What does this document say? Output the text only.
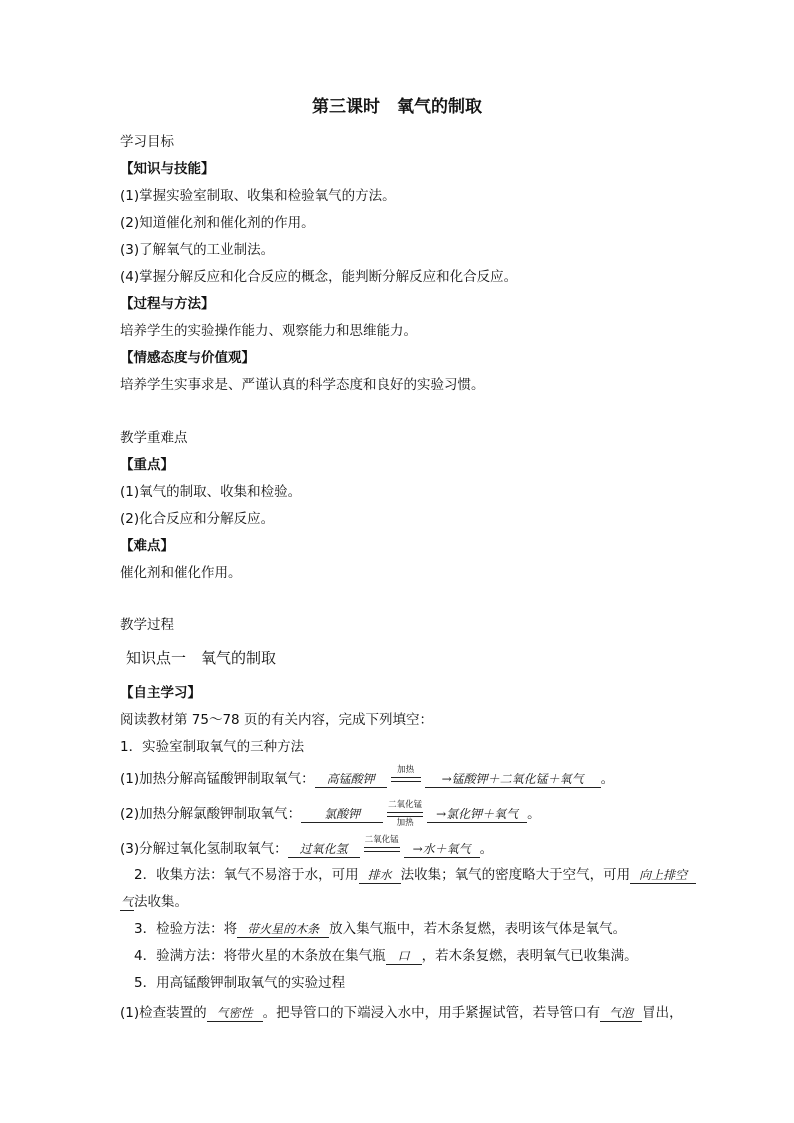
第三课时　氧气的制取
学习目标
【知识与技能】
(1)掌握实验室制取、收集和检验氧气的方法。
(2)知道催化剂和催化剂的作用。
(3)了解氧气的工业制法。
(4)掌握分解反应和化合反应的概念，能判断分解反应和化合反应。
【过程与方法】
培养学生的实验操作能力、观察能力和思维能力。
【情感态度与价值观】
培养学生实事求是、严谨认真的科学态度和良好的实验习惯。
教学重难点
【重点】
(1)氧气的制取、收集和检验。
(2)化合反应和分解反应。
【难点】
催化剂和催化作用。
教学过程
知识点一　氧气的制取
【自主学习】
阅读教材第 75～78 页的有关内容，完成下列填空：
1．实验室制取氧气的三种方法
(1)加热分解高锰酸钾制取氧气： 高锰酸钾
加热
→锰酸钾＋二氧化锰＋氧气 。
(2)加热分解氯酸钾制取氧气： 氯酸钾
二氧化锰
加热
→氯化钾＋氧气 。
(3)分解过氧化氢制取氧气： 过氧化氢
二氧化锰
→水＋氧气 。
2．收集方法：氧气不易溶于水，可用 排水 法收集；氧气的密度略大于空气，可用 向上排空
气法收集。
3．检验方法：将 带火星的木条 放入集气瓶中，若木条复燃，表明该气体是氧气。
4．验满方法：将带火星的木条放在集气瓶 口 ，若木条复燃，表明氧气已收集满。
5．用高锰酸钾制取氧气的实验过程
(1)检查装置的 气密性 。把导管口的下端浸入水中，用手紧握试管，若导管口有 气泡 冒出，
